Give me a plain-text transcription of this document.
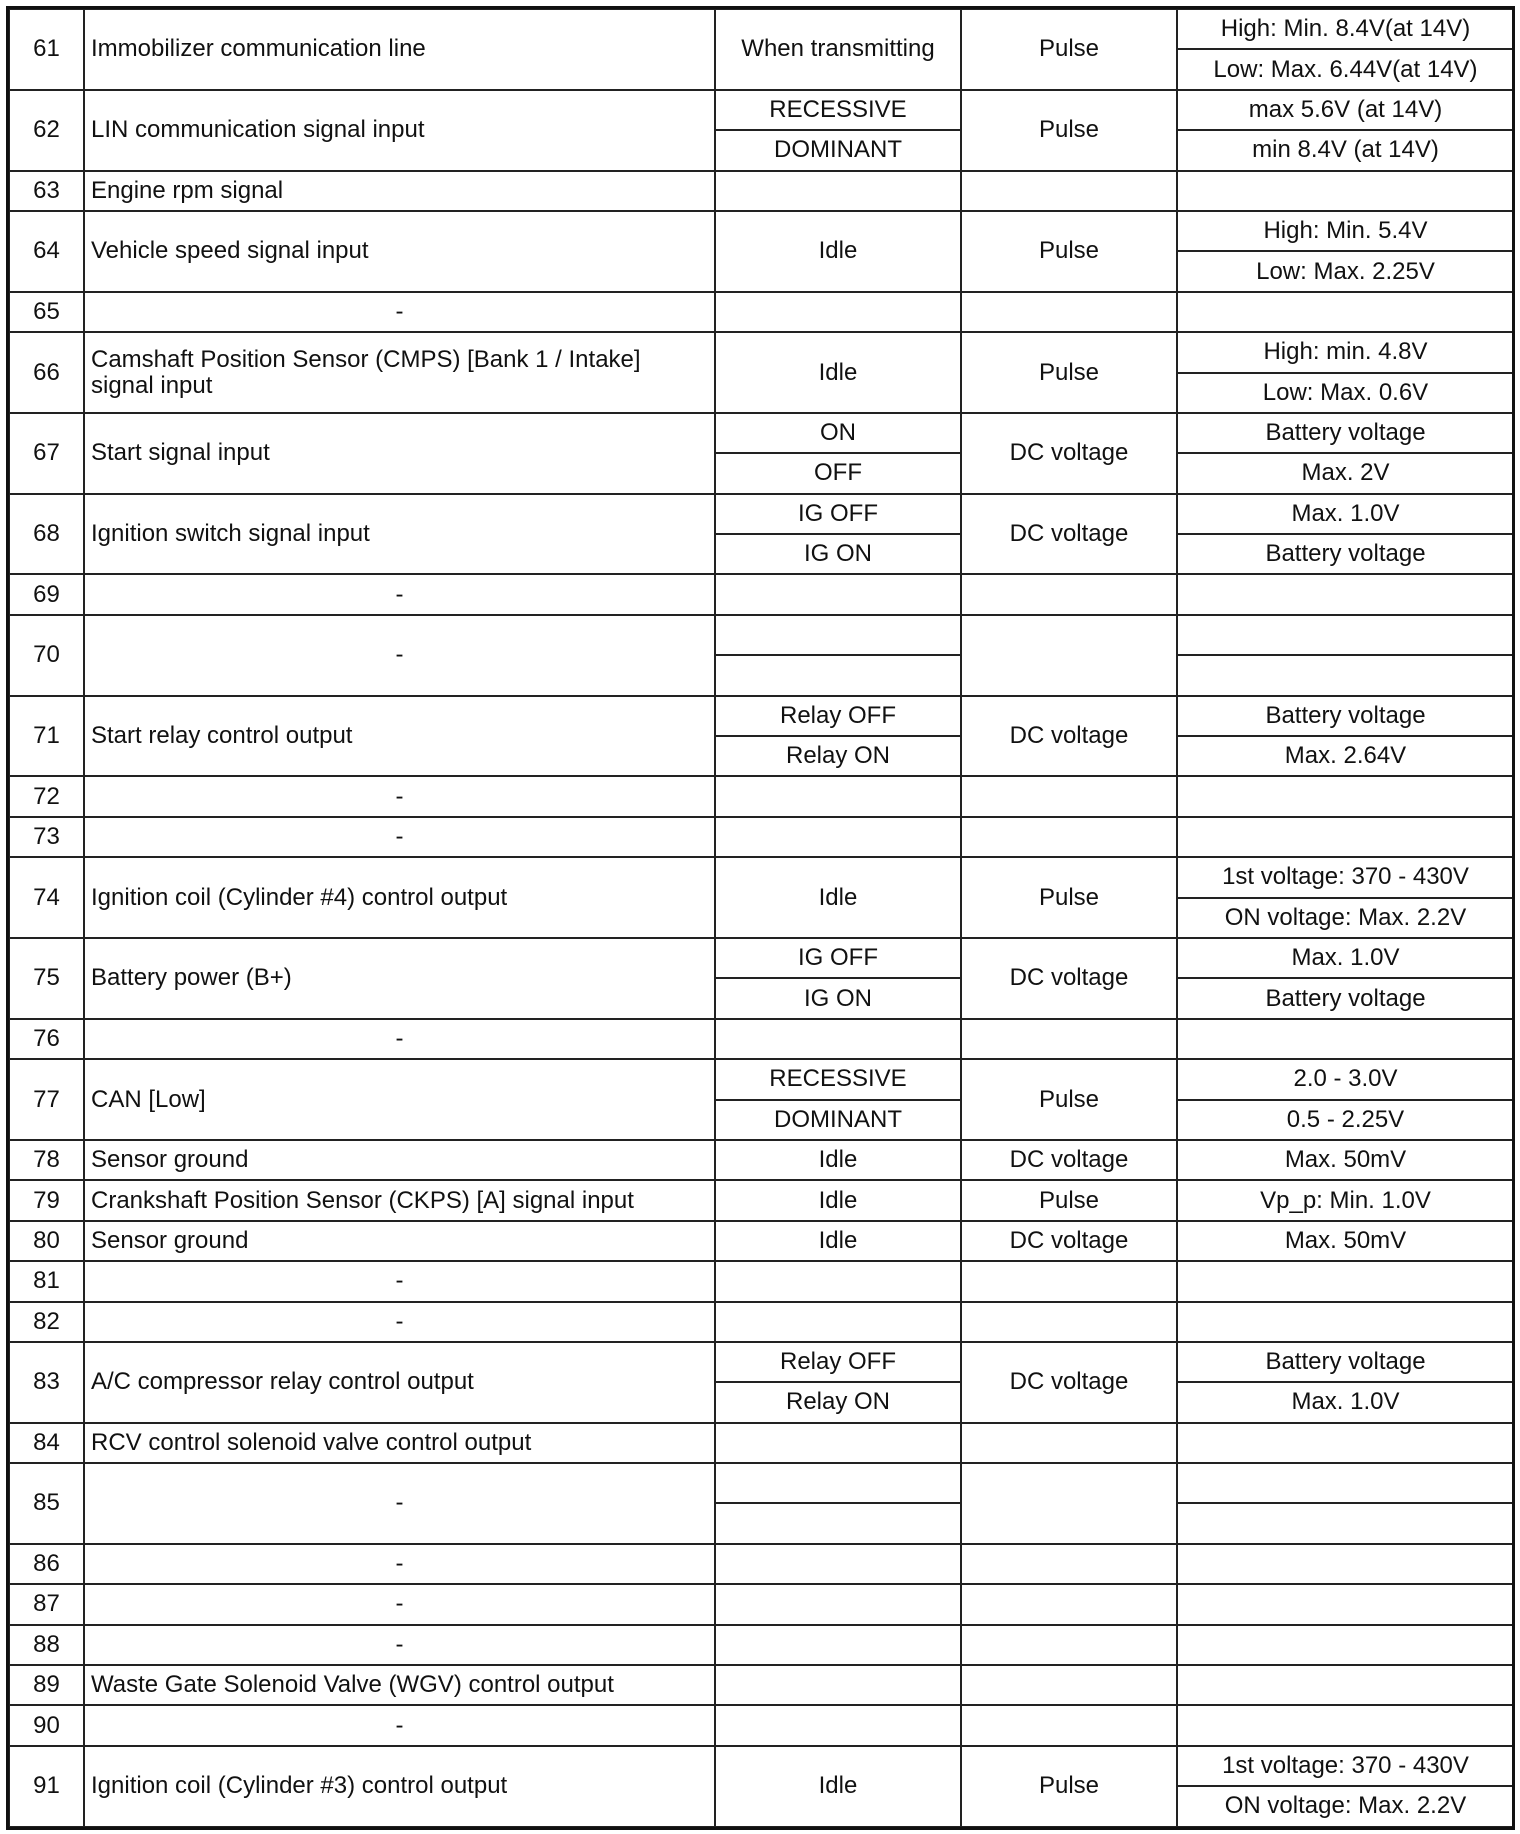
61	Immobilizer communication line	When transmitting	Pulse	High: Min. 8.4V(at 14V)
				Low: Max. 6.44V(at 14V)
62	LIN communication signal input	RECESSIVE	Pulse	max 5.6V (at 14V)
		DOMINANT		min 8.4V (at 14V)
63	Engine rpm signal			
64	Vehicle speed signal input	Idle	Pulse	High: Min. 5.4V
				Low: Max. 2.25V
65	-			
66	Camshaft Position Sensor (CMPS) [Bank 1 / Intake] signal input	Idle	Pulse	High: min. 4.8V
				Low: Max. 0.6V
67	Start signal input	ON	DC voltage	Battery voltage
		OFF		Max. 2V
68	Ignition switch signal input	IG OFF	DC voltage	Max. 1.0V
		IG ON		Battery voltage
69	-			
70	-			

71	Start relay control output	Relay OFF	DC voltage	Battery voltage
		Relay ON		Max. 2.64V
72	-			
73	-			
74	Ignition coil (Cylinder #4) control output	Idle	Pulse	1st voltage: 370 - 430V
				ON voltage: Max. 2.2V
75	Battery power (B+)	IG OFF	DC voltage	Max. 1.0V
		IG ON		Battery voltage
76	-			
77	CAN [Low]	RECESSIVE	Pulse	2.0 - 3.0V
		DOMINANT		0.5 - 2.25V
78	Sensor ground	Idle	DC voltage	Max. 50mV
79	Crankshaft Position Sensor (CKPS) [A] signal input	Idle	Pulse	Vp_p: Min. 1.0V
80	Sensor ground	Idle	DC voltage	Max. 50mV
81	-			
82	-			
83	A/C compressor relay control output	Relay OFF	DC voltage	Battery voltage
		Relay ON		Max. 1.0V
84	RCV control solenoid valve control output			
85	-			

86	-			
87	-			
88	-			
89	Waste Gate Solenoid Valve (WGV) control output			
90	-			
91	Ignition coil (Cylinder #3) control output	Idle	Pulse	1st voltage: 370 - 430V
				ON voltage: Max. 2.2V
